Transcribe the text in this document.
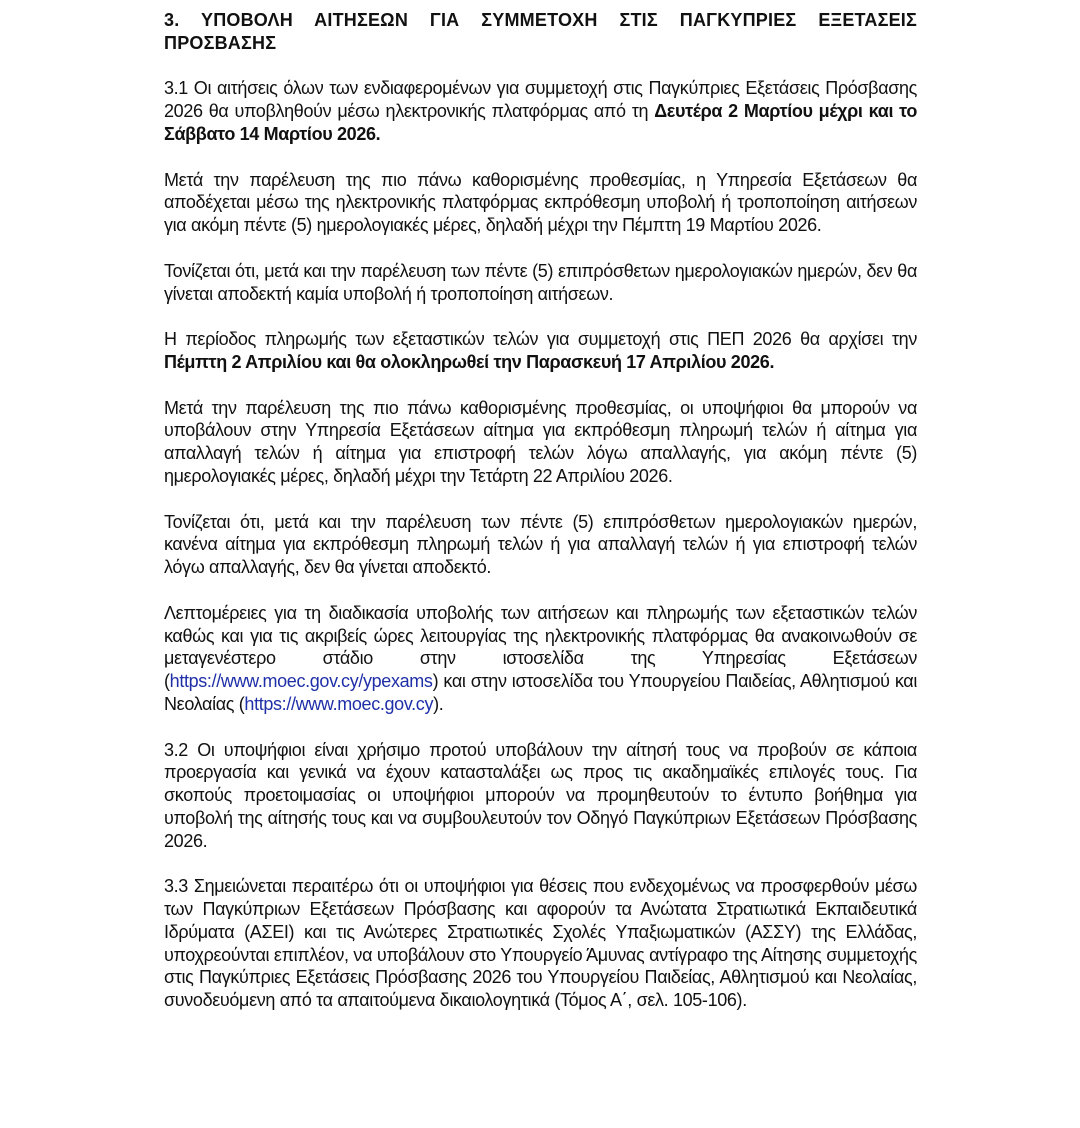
3. ΥΠΟΒΟΛΗ ΑΙΤΗΣΕΩΝ ΓΙΑ ΣΥΜΜΕΤΟΧΗ ΣΤΙΣ ΠΑΓΚΥΠΡΙΕΣ ΕΞΕΤΑΣΕΙΣ ΠΡΟΣΒΑΣΗΣ

3.1 Οι αιτήσεις όλων των ενδιαφερομένων για συμμετοχή στις Παγκύπριες Εξετάσεις Πρόσβασης 2026 θα υποβληθούν μέσω ηλεκτρονικής πλατφόρμας από τη Δευτέρα 2 Μαρτίου μέχρι και το Σάββατο 14 Μαρτίου 2026.

Μετά την παρέλευση της πιο πάνω καθορισμένης προθεσμίας, η Υπηρεσία Εξετάσεων θα αποδέχεται μέσω της ηλεκτρονικής πλατφόρμας εκπρόθεσμη υποβολή ή τροποποίηση αιτήσεων για ακόμη πέντε (5) ημερολογιακές μέρες, δηλαδή μέχρι την Πέμπτη 19 Μαρτίου 2026.

Τονίζεται ότι, μετά και την παρέλευση των πέντε (5) επιπρόσθετων ημερολογιακών ημερών, δεν θα γίνεται αποδεκτή καμία υποβολή ή τροποποίηση αιτήσεων.

Η περίοδος πληρωμής των εξεταστικών τελών για συμμετοχή στις ΠΕΠ 2026 θα αρχίσει την Πέμπτη 2 Απριλίου και θα ολοκληρωθεί την Παρασκευή 17 Απριλίου 2026.

Μετά την παρέλευση της πιο πάνω καθορισμένης προθεσμίας, οι υποψήφιοι θα μπορούν να υποβάλουν στην Υπηρεσία Εξετάσεων αίτημα για εκπρόθεσμη πληρωμή τελών ή αίτημα για απαλλαγή τελών ή αίτημα για επιστροφή τελών λόγω απαλλαγής, για ακόμη πέντε (5) ημερολογιακές μέρες, δηλαδή μέχρι την Τετάρτη 22 Απριλίου 2026.

Τονίζεται ότι, μετά και την παρέλευση των πέντε (5) επιπρόσθετων ημερολογιακών ημερών, κανένα αίτημα για εκπρόθεσμη πληρωμή τελών ή για απαλλαγή τελών ή για επιστροφή τελών λόγω απαλλαγής, δεν θα γίνεται αποδεκτό.

Λεπτομέρειες για τη διαδικασία υποβολής των αιτήσεων και πληρωμής των εξεταστικών τελών καθώς και για τις ακριβείς ώρες λειτουργίας της ηλεκτρονικής πλατφόρμας θα ανακοινωθούν σε μεταγενέστερο στάδιο στην ιστοσελίδα της Υπηρεσίας Εξετάσεων (https://www.moec.gov.cy/ypexams) και στην ιστοσελίδα του Υπουργείου Παιδείας, Αθλητισμού και Νεολαίας (https://www.moec.gov.cy).

3.2 Οι υποψήφιοι είναι χρήσιμο προτού υποβάλουν την αίτησή τους να προβούν σε κάποια προεργασία και γενικά να έχουν κατασταλάξει ως προς τις ακαδημαϊκές επιλογές τους. Για σκοπούς προετοιμασίας οι υποψήφιοι μπορούν να προμηθευτούν το έντυπο βοήθημα για υποβολή της αίτησής τους και να συμβουλευτούν τον Οδηγό Παγκύπριων Εξετάσεων Πρόσβασης 2026.

3.3 Σημειώνεται περαιτέρω ότι οι υποψήφιοι για θέσεις που ενδεχομένως να προσφερθούν μέσω των Παγκύπριων Εξετάσεων Πρόσβασης και αφορούν τα Ανώτατα Στρατιωτικά Εκπαιδευτικά Ιδρύματα (ΑΣΕΙ) και τις Ανώτερες Στρατιωτικές Σχολές Υπαξιωματικών (ΑΣΣΥ) της Ελλάδας, υποχρεούνται επιπλέον, να υποβάλουν στο Υπουργείο Άμυνας αντίγραφο της Αίτησης συμμετοχής στις Παγκύπριες Εξετάσεις Πρόσβασης 2026 του Υπουργείου Παιδείας, Αθλητισμού και Νεολαίας, συνοδευόμενη από τα απαιτούμενα δικαιολογητικά (Τόμος Α΄, σελ. 105-106).
